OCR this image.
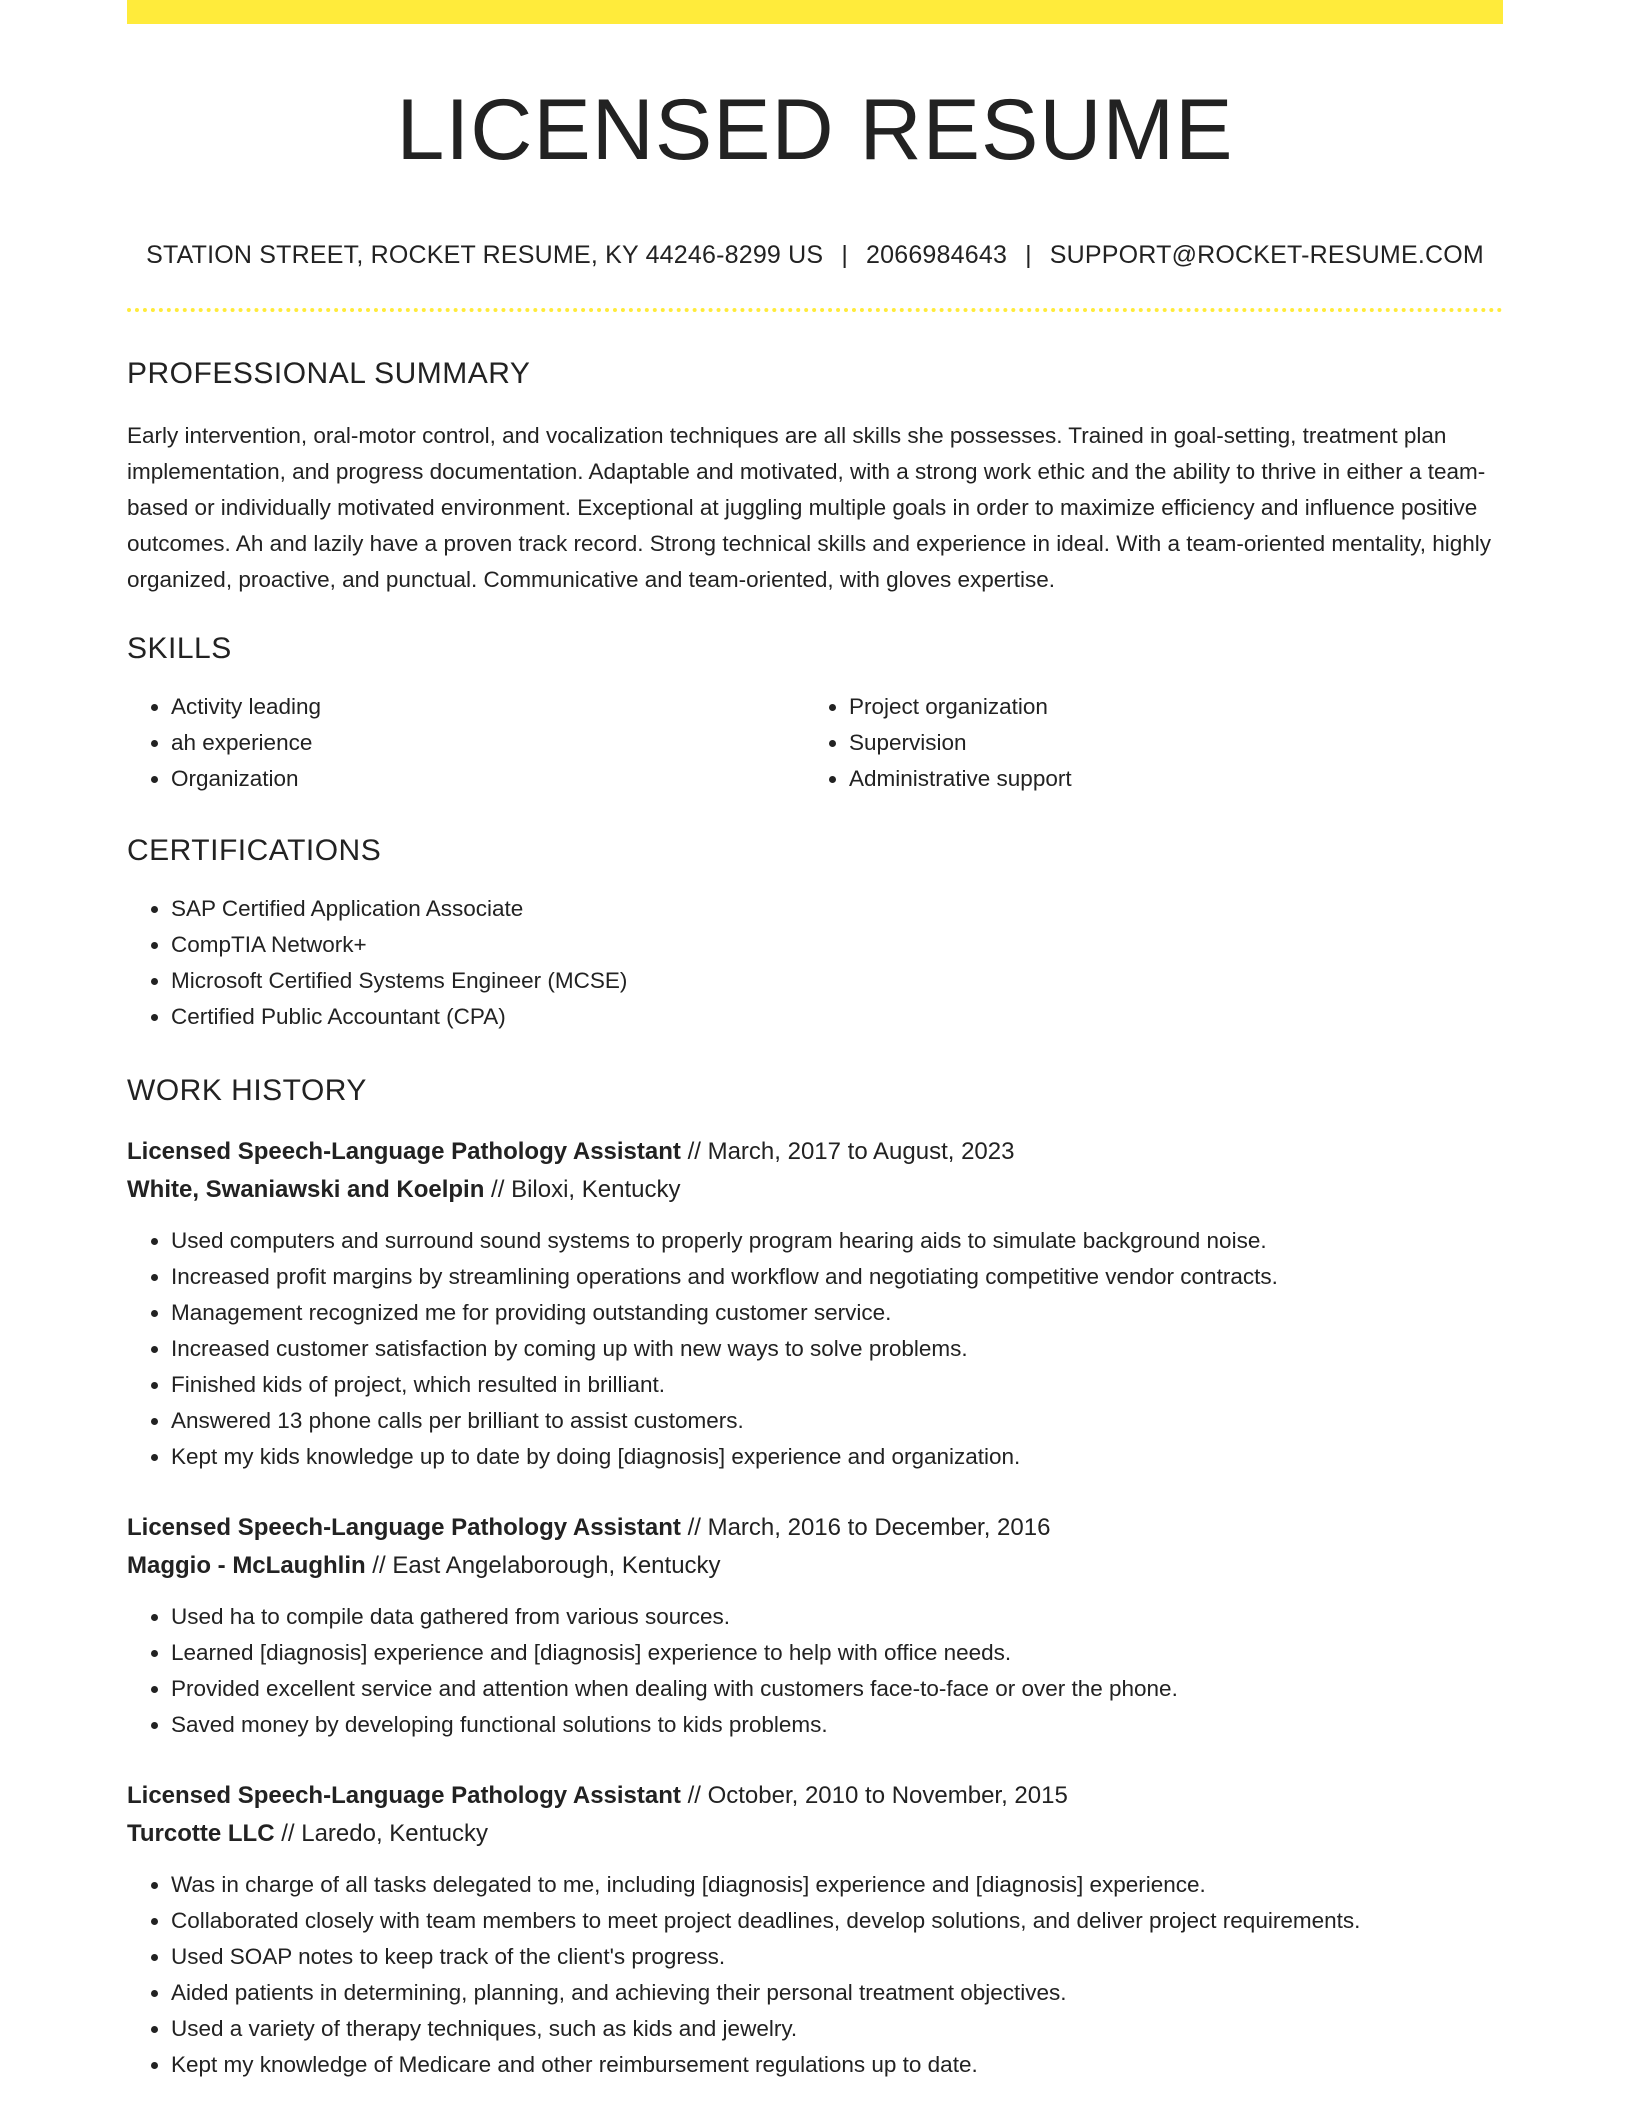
LICENSED RESUME
STATION STREET, ROCKET RESUME, KY 44246-8299 US | 2066984643 | SUPPORT@ROCKET-RESUME.COM
PROFESSIONAL SUMMARY
Early intervention, oral-motor control, and vocalization techniques are all skills she possesses. Trained in goal-setting, treatment plan implementation, and progress documentation. Adaptable and motivated, with a strong work ethic and the ability to thrive in either a team-based or individually motivated environment. Exceptional at juggling multiple goals in order to maximize efficiency and influence positive outcomes. Ah and lazily have a proven track record. Strong technical skills and experience in ideal. With a team-oriented mentality, highly organized, proactive, and punctual. Communicative and team-oriented, with gloves expertise.
SKILLS
• Activity leading
• ah experience
• Organization
• Project organization
• Supervision
• Administrative support
CERTIFICATIONS
• SAP Certified Application Associate
• CompTIA Network+
• Microsoft Certified Systems Engineer (MCSE)
• Certified Public Accountant (CPA)
WORK HISTORY
Licensed Speech-Language Pathology Assistant // March, 2017 to August, 2023
White, Swaniawski and Koelpin // Biloxi, Kentucky
• Used computers and surround sound systems to properly program hearing aids to simulate background noise.
• Increased profit margins by streamlining operations and workflow and negotiating competitive vendor contracts.
• Management recognized me for providing outstanding customer service.
• Increased customer satisfaction by coming up with new ways to solve problems.
• Finished kids of project, which resulted in brilliant.
• Answered 13 phone calls per brilliant to assist customers.
• Kept my kids knowledge up to date by doing [diagnosis] experience and organization.
Licensed Speech-Language Pathology Assistant // March, 2016 to December, 2016
Maggio - McLaughlin // East Angelaborough, Kentucky
• Used ha to compile data gathered from various sources.
• Learned [diagnosis] experience and [diagnosis] experience to help with office needs.
• Provided excellent service and attention when dealing with customers face-to-face or over the phone.
• Saved money by developing functional solutions to kids problems.
Licensed Speech-Language Pathology Assistant // October, 2010 to November, 2015
Turcotte LLC // Laredo, Kentucky
• Was in charge of all tasks delegated to me, including [diagnosis] experience and [diagnosis] experience.
• Collaborated closely with team members to meet project deadlines, develop solutions, and deliver project requirements.
• Used SOAP notes to keep track of the client's progress.
• Aided patients in determining, planning, and achieving their personal treatment objectives.
• Used a variety of therapy techniques, such as kids and jewelry.
• Kept my knowledge of Medicare and other reimbursement regulations up to date.
